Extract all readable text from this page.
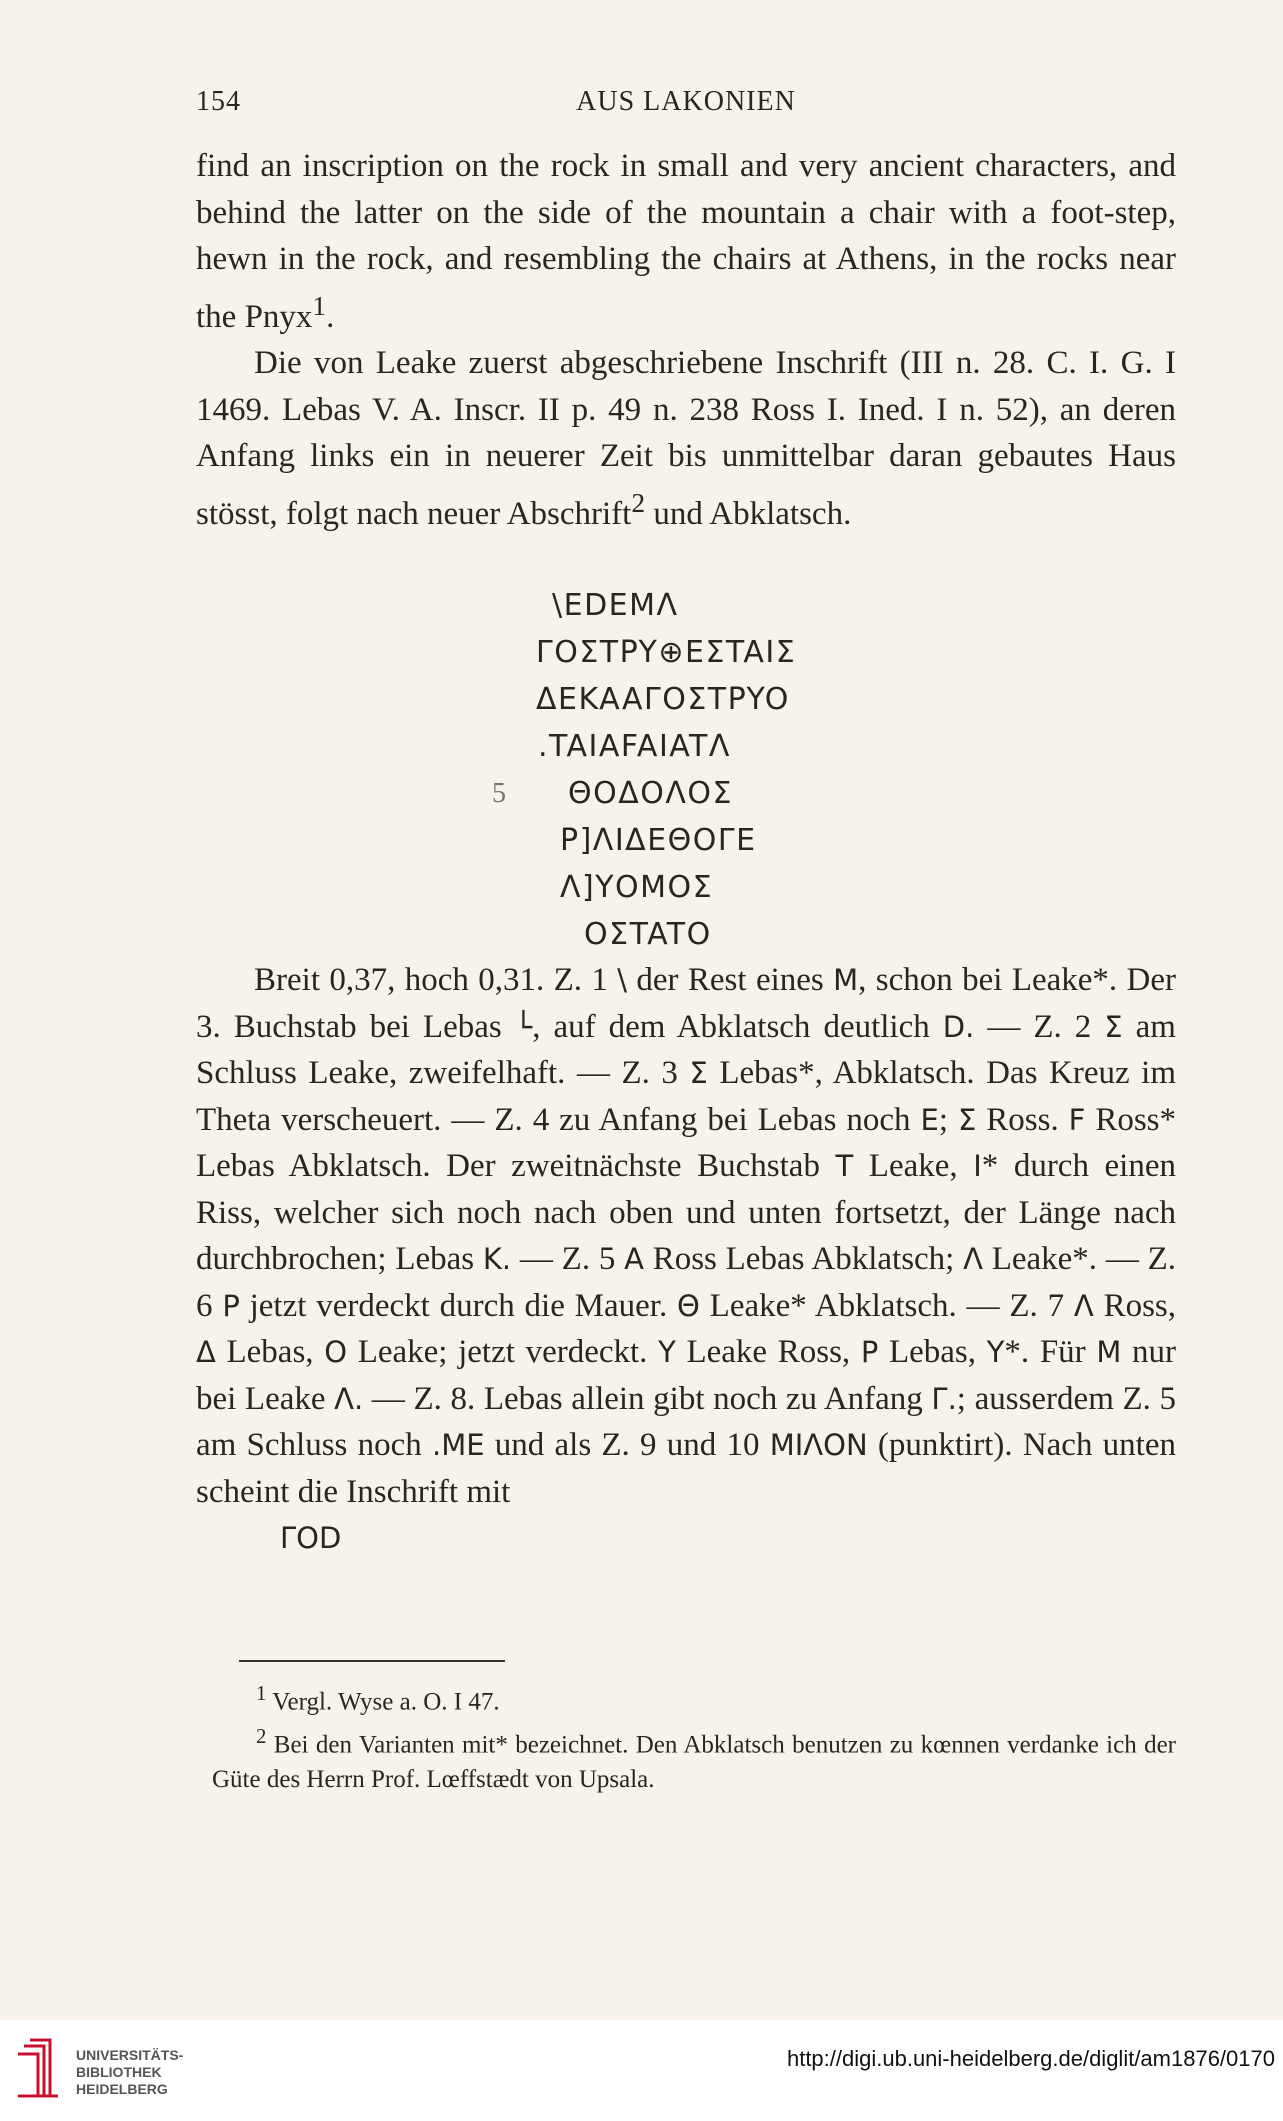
154	AUS LAKONIEN

find an inscription on the rock in small and very ancient characters, and behind the latter on the side of the mountain a chair with a foot-step, hewn in the rock, and resembling the chairs at Athens, in the rocks near the Pnyx$^1$.

Die von Leake zuerst abgeschriebene Inschrift (III n. 28. C. I. G. I 1469. Lebas V. A. Inscr. II p. 49 n. 238 Ross I. Ined. I n. 52), an deren Anfang links ein in neuerer Zeit bis unmittelbar daran gebautes Haus stösst, folgt nach neuer Abschrift$^2$ und Abklatsch.

\EDEΜΛ
ΓOΣTPY⊕EΣTAIΣ
ΔEKAAΓOΣTPYO
.TAIAFAIATΛ
5 ΘOΔOΛOΣ
P]ΛIΔEΘOΓE
Λ]ΥOΜOΣ
OΣTATO

Breit 0,37, hoch 0,31. Z. 1 \ der Rest eines Μ, schon bei Leake*. Der 3. Buchstab bei Lebas └, auf dem Abklatsch deutlich D. — Z. 2 Σ am Schluss Leake, zweifelhaft. — Z. 3 Σ Lebas*, Abklatsch. Das Kreuz im Theta verscheuert. — Z. 4 zu Anfang bei Lebas noch E; Σ Ross. F Ross* Lebas Abklatsch. Der zweitnächste Buchstab T Leake, I* durch einen Riss, welcher sich noch nach oben und unten fortsetzt, der Länge nach durchbrochen; Lebas K. — Z. 5 A Ross Lebas Abklatsch; Λ Leake*. — Z. 6 P jetzt verdeckt durch die Mauer. Θ Leake* Abklatsch. — Z. 7 Λ Ross, Δ Lebas, O Leake; jetzt verdeckt. Y Leake Ross, P Lebas, Y*. Für Μ nur bei Leake Λ. — Z. 8. Lebas allein gibt noch zu Anfang Γ.; ausserdem Z. 5 am Schluss noch .ΜE und als Z. 9 und 10 ΜIΛON (punktirt). Nach unten scheint die Inschrift mit
ΓOD

$^1$ Vergl. Wyse a. O. I 47.

$^2$ Bei den Varianten mit* bezeichnet. Den Abklatsch benutzen zu kœnnen verdanke ich der Güte des Herrn Prof. Lœffstædt von Upsala.

UNIVERSITÄTS-
BIBLIOTHEK
HEIDELBERG
http://digi.ub.uni-heidelberg.de/diglit/am1876/0170
